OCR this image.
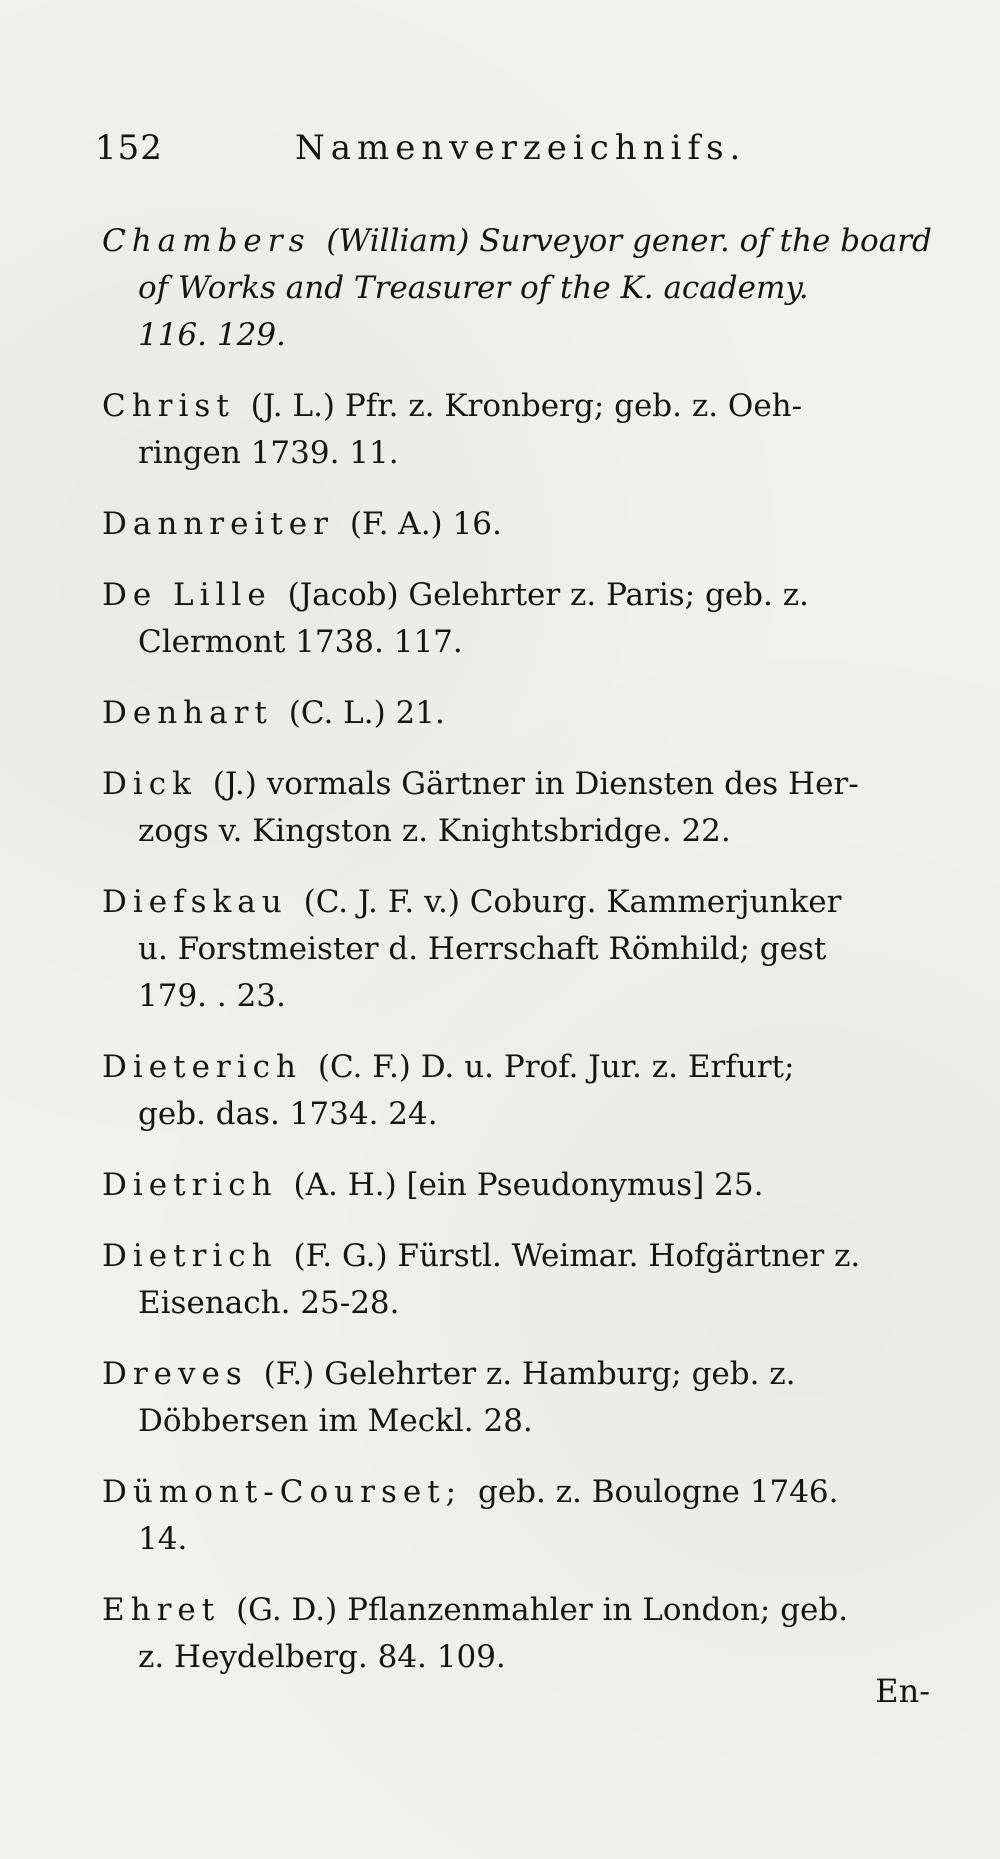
152	Namenverzeichnifs.
Chambers (William) Surveyor gener. of the board
of Works and Treasurer of the K. academy.
116. 129.
Christ (J. L.) Pfr. z. Kronberg; geb. z. Oeh-
ringen 1739. 11.
Dannreiter (F. A.) 16.
De Lille (Jacob) Gelehrter z. Paris; geb. z.
Clermont 1738. 117.
Denhart (C. L.) 21.
Dick (J.) vormals Gärtner in Diensten des Her-
zogs v. Kingston z. Knightsbridge. 22.
Diefskau (C. J. F. v.) Coburg. Kammerjunker
u. Forstmeister d. Herrschaft Römhild; gest
179. . 23.
Dieterich (C. F.) D. u. Prof. Jur. z. Erfurt;
geb. das. 1734. 24.
Dietrich (A. H.) [ein Pseudonymus] 25.
Dietrich (F. G.) Fürstl. Weimar. Hofgärtner z.
Eisenach. 25-28.
Dreves (F.) Gelehrter z. Hamburg; geb. z.
Döbbersen im Meckl. 28.
Dümont-Courset; geb. z. Boulogne 1746.
14.
Ehret (G. D.) Pflanzenmahler in London; geb.
z. Heydelberg. 84. 109.
En-
